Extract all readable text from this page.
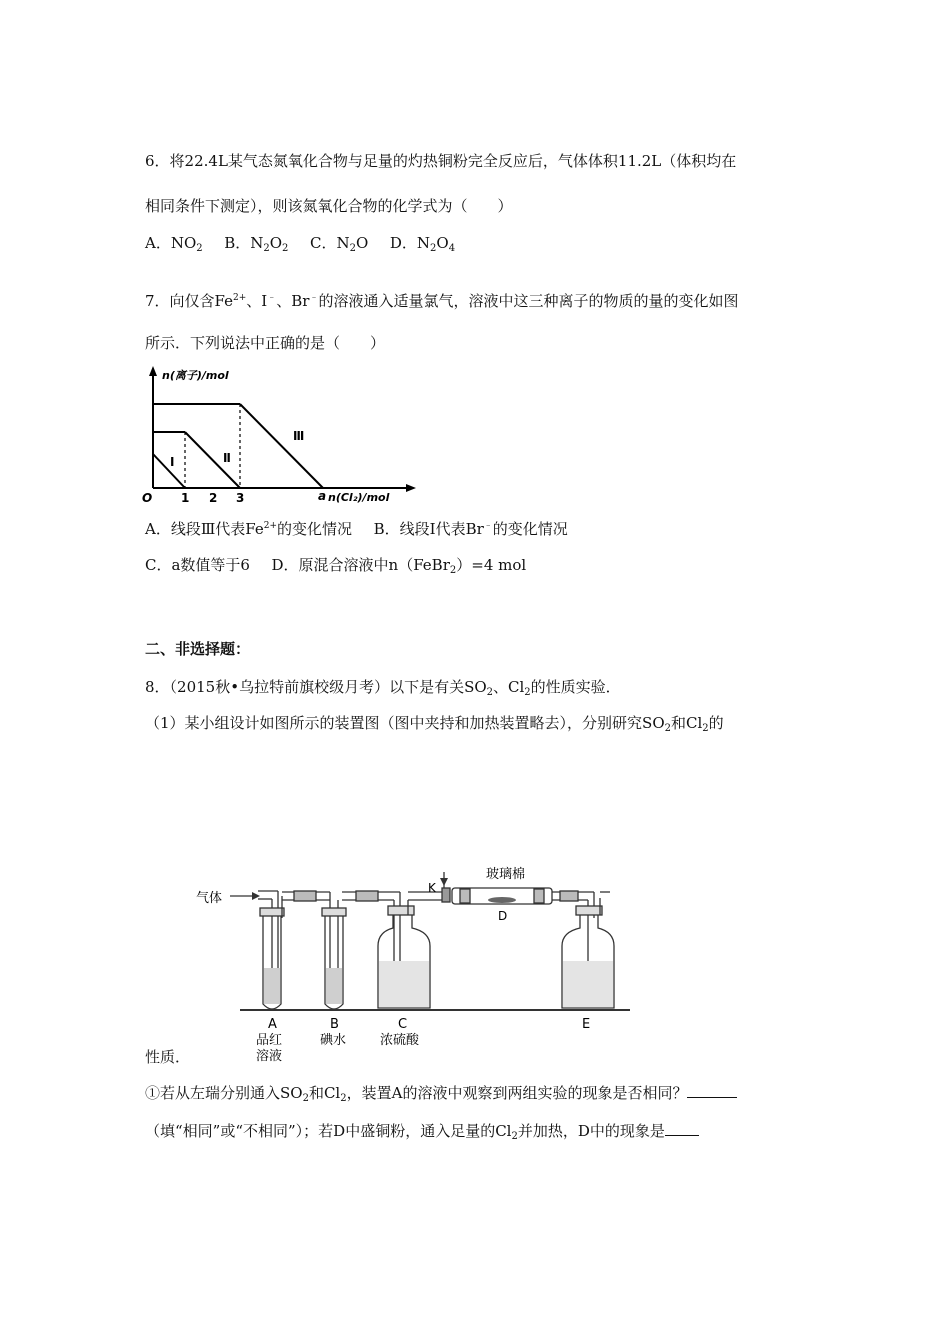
6．将22.4L某气态氮氧化合物与足量的灼热铜粉完全反应后，气体体积11.2L（体积均在
相同条件下测定），则该氮氧化合物的化学式为（　　）
A．$NO_2$ B．$N_2O_2$ C．$N_2O$ D．$N_2O_4$
7．向仅含$Fe^{2+}$、I﹣、Br﹣的溶液通入适量氯气，溶液中这三种离子的物质的量的变化如图
所示．下列说法中正确的是（　　）
n(离子)/mol
n(Cl₂)/mol
Ⅰ	Ⅱ
Ⅲ
O 1 2 3	a
A．线段Ⅲ代表$Fe^{2+}$的变化情况 B．线段Ⅰ代表Br﹣的变化情况
C．a数值等于6 D．原混合溶液中n（FeBr$_2$）=4 mol
二、非选择题：
8．（2015秋•乌拉特前旗校级月考）以下是有关$SO_2$、$Cl_2$的性质实验．
（1）某小组设计如图所示的装置图（图中夹持和加热装置略去），分别研究$SO_2$和$Cl_2$的
气体
K
玻璃棉
D
A
品红
溶液
B
碘水
C
浓硫酸
E
性质．
①若从左瑞分别通入$SO_2$和$Cl_2$，装置A的溶液中观察到两组实验的现象是否相同？
（填“相同”或“不相同”）；若D中盛铜粉，通入足量的$Cl_2$并加热，D中的现象是
